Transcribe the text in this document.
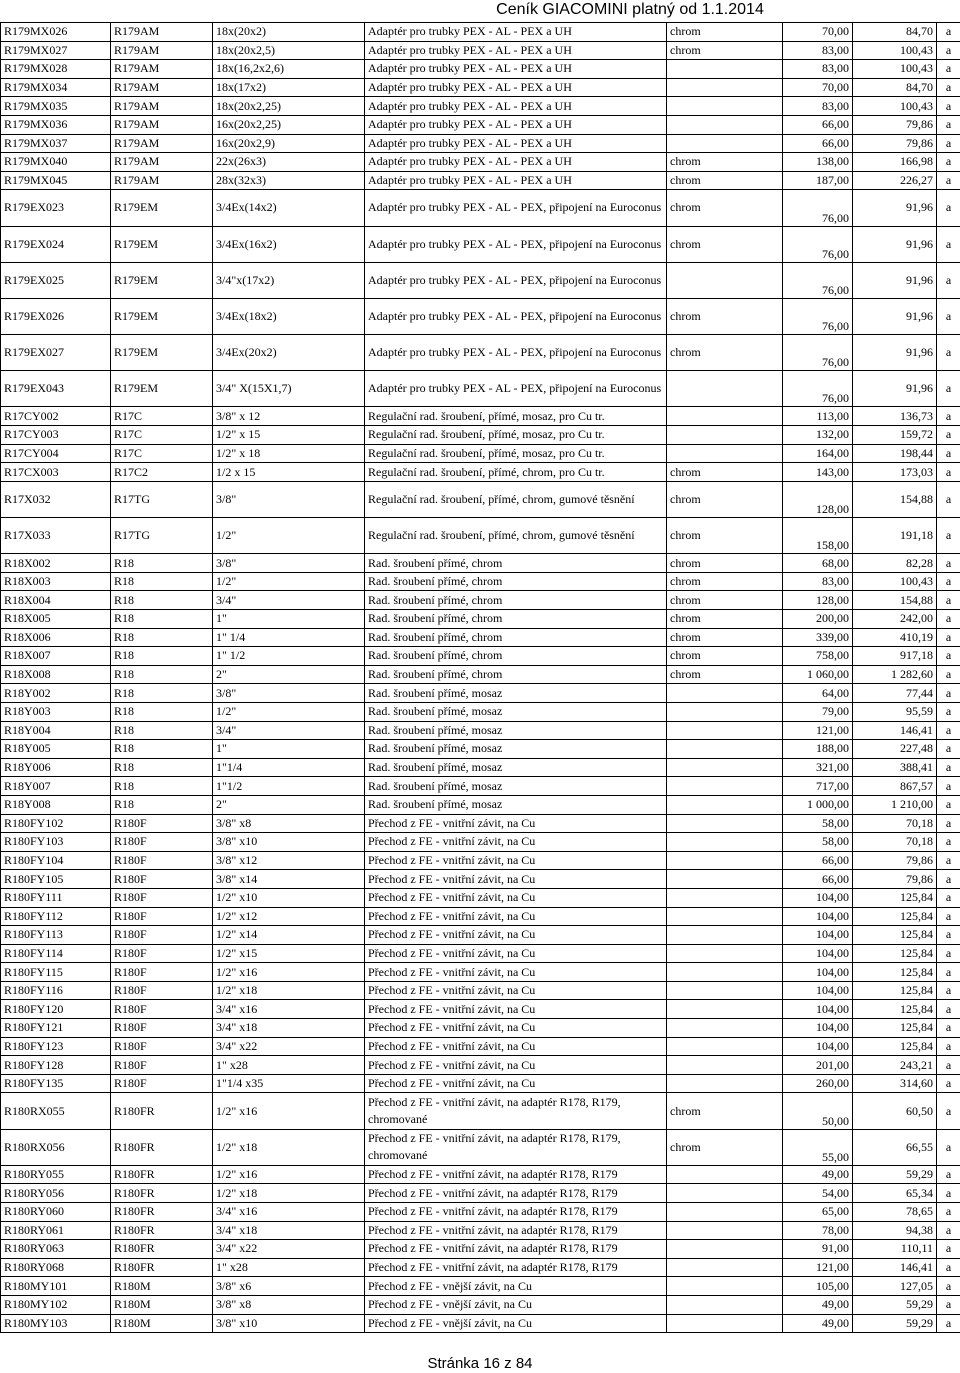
Ceník GIACOMINI platný od 1.1.2014
R179MX026	R179AM	18x(20x2)	Adaptér pro trubky PEX - AL - PEX a UH	chrom	70,00	84,70	a
R179MX027	R179AM	18x(20x2,5)	Adaptér pro trubky PEX - AL - PEX a UH	chrom	83,00	100,43	a
R179MX028	R179AM	18x(16,2x2,6)	Adaptér pro trubky PEX - AL - PEX a UH		83,00	100,43	a
R179MX034	R179AM	18x(17x2)	Adaptér pro trubky PEX - AL - PEX a UH		70,00	84,70	a
R179MX035	R179AM	18x(20x2,25)	Adaptér pro trubky PEX - AL - PEX a UH		83,00	100,43	a
R179MX036	R179AM	16x(20x2,25)	Adaptér pro trubky PEX - AL - PEX a UH		66,00	79,86	a
R179MX037	R179AM	16x(20x2,9)	Adaptér pro trubky PEX - AL - PEX a UH		66,00	79,86	a
R179MX040	R179AM	22x(26x3)	Adaptér pro trubky PEX - AL - PEX a UH	chrom	138,00	166,98	a
R179MX045	R179AM	28x(32x3)	Adaptér pro trubky PEX - AL - PEX a UH	chrom	187,00	226,27	a
R179EX023	R179EM	3/4Ex(14x2)	Adaptér pro trubky PEX - AL - PEX, připojení na Euroconus	chrom	76,00	91,96	a
R179EX024	R179EM	3/4Ex(16x2)	Adaptér pro trubky PEX - AL - PEX, připojení na Euroconus	chrom	76,00	91,96	a
R179EX025	R179EM	3/4"x(17x2)	Adaptér pro trubky PEX - AL - PEX, připojení na Euroconus		76,00	91,96	a
R179EX026	R179EM	3/4Ex(18x2)	Adaptér pro trubky PEX - AL - PEX, připojení na Euroconus	chrom	76,00	91,96	a
R179EX027	R179EM	3/4Ex(20x2)	Adaptér pro trubky PEX - AL - PEX, připojení na Euroconus	chrom	76,00	91,96	a
R179EX043	R179EM	3/4" X(15X1,7)	Adaptér pro trubky PEX - AL - PEX, připojení na Euroconus		76,00	91,96	a
R17CY002	R17C	3/8" x 12	Regulační rad. šroubení, přímé, mosaz, pro Cu tr.		113,00	136,73	a
R17CY003	R17C	1/2" x 15	Regulační rad. šroubení, přímé, mosaz, pro Cu tr.		132,00	159,72	a
R17CY004	R17C	1/2" x 18	Regulační rad. šroubení, přímé, mosaz, pro Cu tr.		164,00	198,44	a
R17CX003	R17C2	1/2 x 15	Regulační rad. šroubení, přímé, chrom, pro Cu tr.	chrom	143,00	173,03	a
R17X032	R17TG	3/8"	Regulační rad. šroubení, přímé, chrom, gumové těsnění	chrom	128,00	154,88	a
R17X033	R17TG	1/2"	Regulační rad. šroubení, přímé, chrom, gumové těsnění	chrom	158,00	191,18	a
R18X002	R18	3/8"	Rad. šroubení přímé, chrom	chrom	68,00	82,28	a
R18X003	R18	1/2"	Rad. šroubení přímé, chrom	chrom	83,00	100,43	a
R18X004	R18	3/4"	Rad. šroubení přímé, chrom	chrom	128,00	154,88	a
R18X005	R18	1"	Rad. šroubení přímé, chrom	chrom	200,00	242,00	a
R18X006	R18	1" 1/4	Rad. šroubení přímé, chrom	chrom	339,00	410,19	a
R18X007	R18	1" 1/2	Rad. šroubení přímé, chrom	chrom	758,00	917,18	a
R18X008	R18	2"	Rad. šroubení přímé, chrom	chrom	1 060,00	1 282,60	a
R18Y002	R18	3/8"	Rad. šroubení přímé, mosaz		64,00	77,44	a
R18Y003	R18	1/2"	Rad. šroubení přímé, mosaz		79,00	95,59	a
R18Y004	R18	3/4"	Rad. šroubení přímé, mosaz		121,00	146,41	a
R18Y005	R18	1"	Rad. šroubení přímé, mosaz		188,00	227,48	a
R18Y006	R18	1"1/4	Rad. šroubení přímé, mosaz		321,00	388,41	a
R18Y007	R18	1"1/2	Rad. šroubení přímé, mosaz		717,00	867,57	a
R18Y008	R18	2"	Rad. šroubení přímé, mosaz		1 000,00	1 210,00	a
R180FY102	R180F	3/8" x8	Přechod z FE - vnitřní závit, na Cu		58,00	70,18	a
R180FY103	R180F	3/8" x10	Přechod z FE - vnitřní závit, na Cu		58,00	70,18	a
R180FY104	R180F	3/8" x12	Přechod z FE - vnitřní závit, na Cu		66,00	79,86	a
R180FY105	R180F	3/8" x14	Přechod z FE - vnitřní závit, na Cu		66,00	79,86	a
R180FY111	R180F	1/2" x10	Přechod z FE - vnitřní závit, na Cu		104,00	125,84	a
R180FY112	R180F	1/2" x12	Přechod z FE - vnitřní závit, na Cu		104,00	125,84	a
R180FY113	R180F	1/2" x14	Přechod z FE - vnitřní závit, na Cu		104,00	125,84	a
R180FY114	R180F	1/2" x15	Přechod z FE - vnitřní závit, na Cu		104,00	125,84	a
R180FY115	R180F	1/2" x16	Přechod z FE - vnitřní závit, na Cu		104,00	125,84	a
R180FY116	R180F	1/2" x18	Přechod z FE - vnitřní závit, na Cu		104,00	125,84	a
R180FY120	R180F	3/4" x16	Přechod z FE - vnitřní závit, na Cu		104,00	125,84	a
R180FY121	R180F	3/4" x18	Přechod z FE - vnitřní závit, na Cu		104,00	125,84	a
R180FY123	R180F	3/4" x22	Přechod z FE - vnitřní závit, na Cu		104,00	125,84	a
R180FY128	R180F	1" x28	Přechod z FE - vnitřní závit, na Cu		201,00	243,21	a
R180FY135	R180F	1"1/4 x35	Přechod z FE - vnitřní závit, na Cu		260,00	314,60	a
R180RX055	R180FR	1/2" x16	Přechod z FE - vnitřní závit, na adaptér R178, R179, chromované	chrom	50,00	60,50	a
R180RX056	R180FR	1/2" x18	Přechod z FE - vnitřní závit, na adaptér R178, R179, chromované	chrom	55,00	66,55	a
R180RY055	R180FR	1/2" x16	Přechod z FE - vnitřní závit, na adaptér R178, R179		49,00	59,29	a
R180RY056	R180FR	1/2" x18	Přechod z FE - vnitřní závit, na adaptér R178, R179		54,00	65,34	a
R180RY060	R180FR	3/4" x16	Přechod z FE - vnitřní závit, na adaptér R178, R179		65,00	78,65	a
R180RY061	R180FR	3/4" x18	Přechod z FE - vnitřní závit, na adaptér R178, R179		78,00	94,38	a
R180RY063	R180FR	3/4" x22	Přechod z FE - vnitřní závit, na adaptér R178, R179		91,00	110,11	a
R180RY068	R180FR	1" x28	Přechod z FE - vnitřní závit, na adaptér R178, R179		121,00	146,41	a
R180MY101	R180M	3/8" x6	Přechod z FE - vnější závit, na Cu		105,00	127,05	a
R180MY102	R180M	3/8" x8	Přechod z FE - vnější závit, na Cu		49,00	59,29	a
R180MY103	R180M	3/8" x10	Přechod z FE - vnější závit, na Cu		49,00	59,29	a
Stránka 16 z 84
